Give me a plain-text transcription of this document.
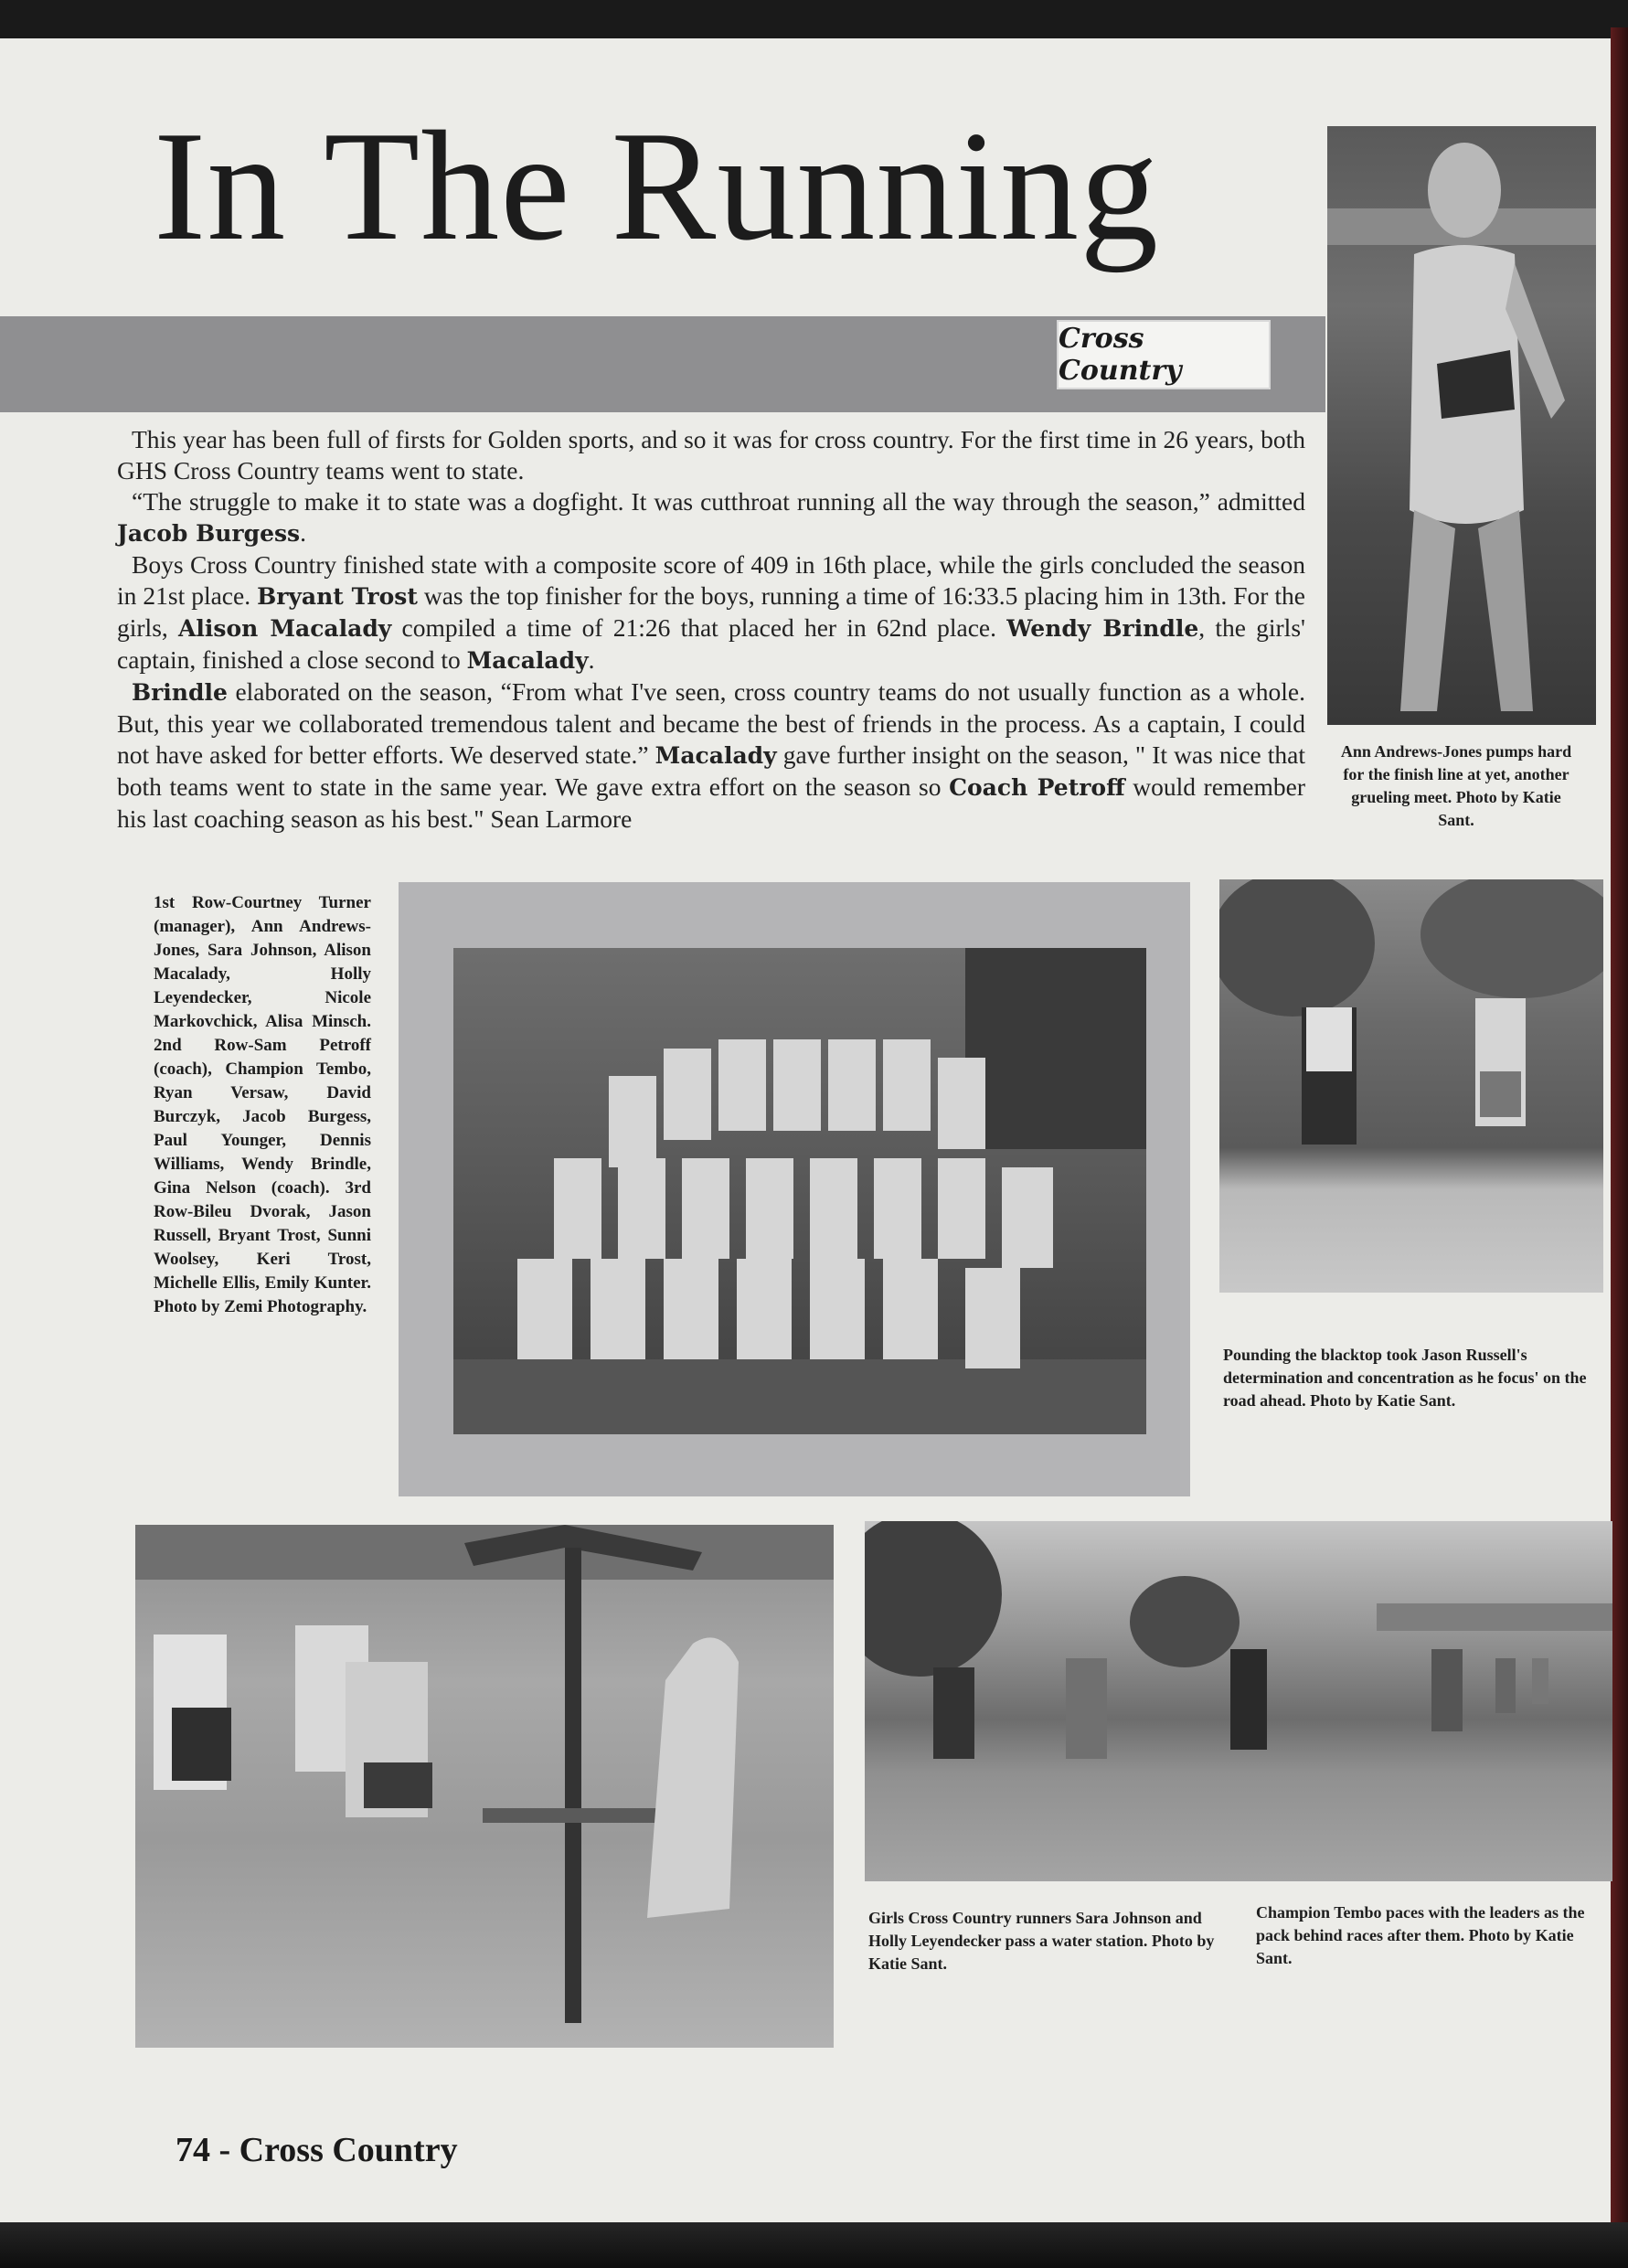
In The Running
Cross Country
Ann Andrews-Jones pumps hard for the finish line at yet, another grueling meet. Photo by Katie Sant.

This year has been full of firsts for Golden sports, and so it was for cross country. For the first time in 26 years, both GHS Cross Country teams went to state.

“The struggle to make it to state was a dogfight. It was cutthroat running all the way through the season,” admitted Jacob Burgess.

Boys Cross Country finished state with a composite score of 409 in 16th place, while the girls concluded the season in 21st place. Bryant Trost was the top finisher for the boys, running a time of 16:33.5 placing him in 13th. For the girls, Alison Macalady compiled a time of 21:26 that placed her in 62nd place. Wendy Brindle, the girls' captain, finished a close second to Macalady.

Brindle elaborated on the season, “From what I've seen, cross country teams do not usually function as a whole. But, this year we collaborated tremendous talent and became the best of friends in the process. As a captain, I could not have asked for better efforts. We deserved state.” Macalady gave further insight on the season, " It was nice that both teams went to state in the same year. We gave extra effort on the season so Coach Petroff would remember his last coaching season as his best." Sean Larmore

1st Row-Courtney Turner (manager), Ann Andrews-Jones, Sara Johnson, Alison Macalady, Holly Leyendecker, Nicole Markovchick, Alisa Minsch. 2nd Row-Sam Petroff (coach), Champion Tembo, Ryan Versaw, David Burczyk, Jacob Burgess, Paul Younger, Dennis Williams, Wendy Brindle, Gina Nelson (coach). 3rd Row-Bileu Dvorak, Jason Russell, Bryant Trost, Sunni Woolsey, Keri Trost, Michelle Ellis, Emily Kunter. Photo by Zemi Photography.
Pounding the blacktop took Jason Russell's determination and concentration as he focus' on the road ahead. Photo by Katie Sant.
Girls Cross Country runners Sara Johnson and Holly Leyendecker pass a water station. Photo by Katie Sant.
Champion Tembo paces with the leaders as the pack behind races after them. Photo by Katie Sant.
74 - Cross Country
